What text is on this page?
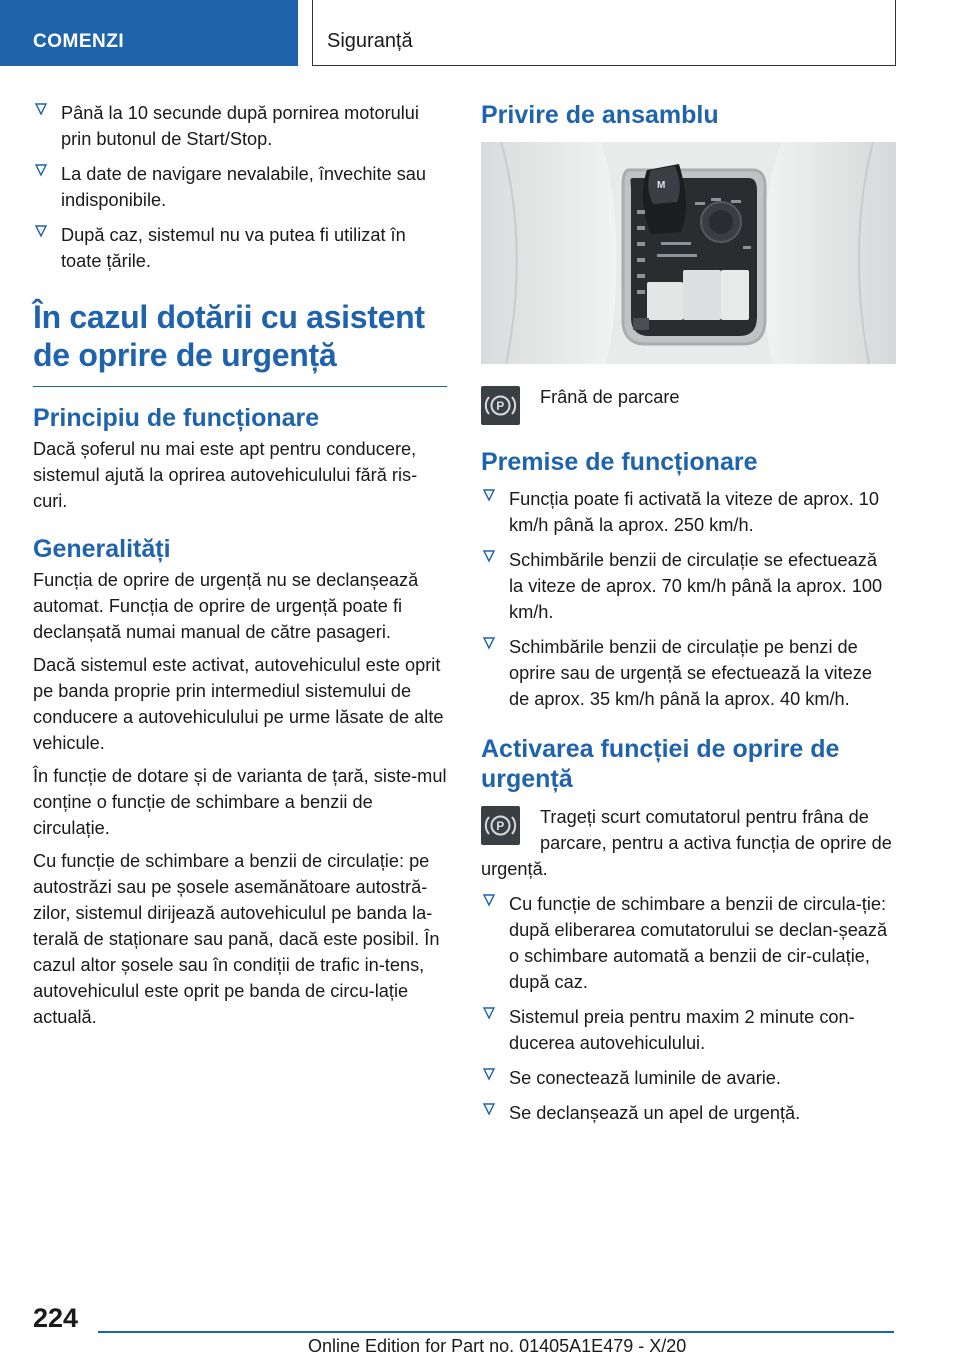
COMENZI	Siguranță
Până la 10 secunde după pornirea motorului prin butonul de Start/Stop.
La date de navigare nevalabile, învechite sau indisponibile.
După caz, sistemul nu va putea fi utilizat în toate țările.
În cazul dotării cu asistent de oprire de urgență
Principiu de funcționare

Dacă șoferul nu mai este apt pentru conducere, sistemul ajută la oprirea autovehiculului fără ris-curi.

Generalități

Funcția de oprire de urgență nu se declanșează automat. Funcția de oprire de urgență poate fi declanșată numai manual de către pasageri.

Dacă sistemul este activat, autovehiculul este oprit pe banda proprie prin intermediul sistemului de conducere a autovehiculului pe urme lăsate de alte vehicule.

În funcție de dotare și de varianta de țară, siste-mul conține o funcție de schimbare a benzii de circulație.

Cu funcție de schimbare a benzii de circulație: pe autostrăzi sau pe șosele asemănătoare autostră-zilor, sistemul dirijează autovehiculul pe banda la-terală de staționare sau pană, dacă este posibil. În cazul altor șosele sau în condiții de trafic in-tens, autovehiculul este oprit pe banda de circu-lație actuală.

Privire de ansamblu
M
P Frână de parcare
Premise de funcționare
Funcția poate fi activată la viteze de aprox. 10 km/h până la aprox. 250 km/h.
Schimbările benzii de circulație se efectuează la viteze de aprox. 70 km/h până la aprox. 100 km/h.
Schimbările benzii de circulație pe benzi de oprire sau de urgență se efectuează la viteze de aprox. 35 km/h până la aprox. 40 km/h.
Activarea funcției de oprire de urgență
P Trageți scurt comutatorul pentru frâna de parcare, pentru a activa funcția de oprire de urgență.
Cu funcție de schimbare a benzii de circula-ție: după eliberarea comutatorului se declan-șează o schimbare automată a benzii de cir-culație, după caz.
Sistemul preia pentru maxim 2 minute con-ducerea autovehiculului.
Se conectează luminile de avarie.
Se declanșează un apel de urgență.
224
Online Edition for Part no. 01405A1E479 - X/20
